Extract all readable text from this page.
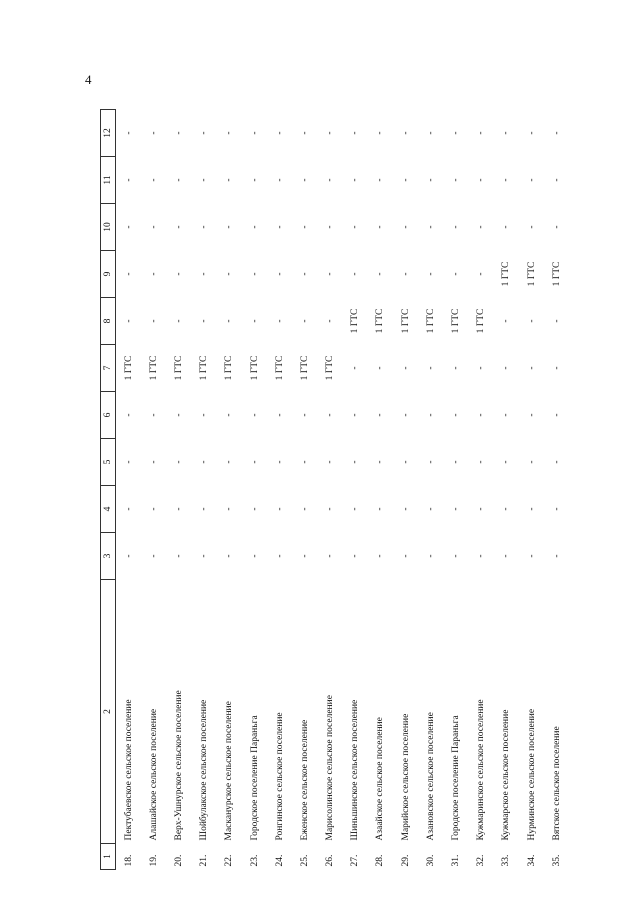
4
1	2	3	4	5	6	7	8	9	10	11	12
18.	Пектубаевское сельское поселение	-	-	-	-	1 ГТС	-	-	-	-	-
19.	Алашайское сельское поселение	-	-	-	-	1 ГТС	-	-	-	-	-
20.	Верх-Ушнурское сельское поселение	-	-	-	-	1 ГТС	-	-	-	-	-
21.	Шойбулакское сельское поселение	-	-	-	-	1 ГТС	-	-	-	-	-
22.	Маскануpское сельское поселение	-	-	-	-	1 ГТС	-	-	-	-	-
23.	Городское поселение Параньга	-	-	-	-	1 ГТС	-	-	-	-	-
24.	Ронгинское сельское поселение	-	-	-	-	1 ГТС	-	-	-	-	-
25.	Еженское сельское поселение	-	-	-	-	1 ГТС	-	-	-	-	-
26.	Марисолинское сельское поселение	-	-	-	-	1 ГТС	-	-	-	-	-
27.	Шиньшинское сельское поселение	-	-	-	-	-	1 ГТС	-	-	-	-
28.	Азаайское сельское поселение	-	-	-	-	-	1 ГТС	-	-	-	-
29.	Марийское сельское поселение	-	-	-	-	-	1 ГТС	-	-	-	-
30.	Азановское сельское поселение	-	-	-	-	-	1 ГТС	-	-	-	-
31.	Городское поселение Параньга	-	-	-	-	-	1 ГТС	-	-	-	-
32.	Кужмаринское сельское поселение	-	-	-	-	-	1 ГТС	-	-	-	-
33.	Кужмарское сельское поселение	-	-	-	-	-	-	1 ГТС	-	-	-
34.	Нурминское сельское поселение	-	-	-	-	-	-	1 ГТС	-	-	-
35.	Вятское сельское поселение	-	-	-	-	-	-	1 ГТС	-	-	-
